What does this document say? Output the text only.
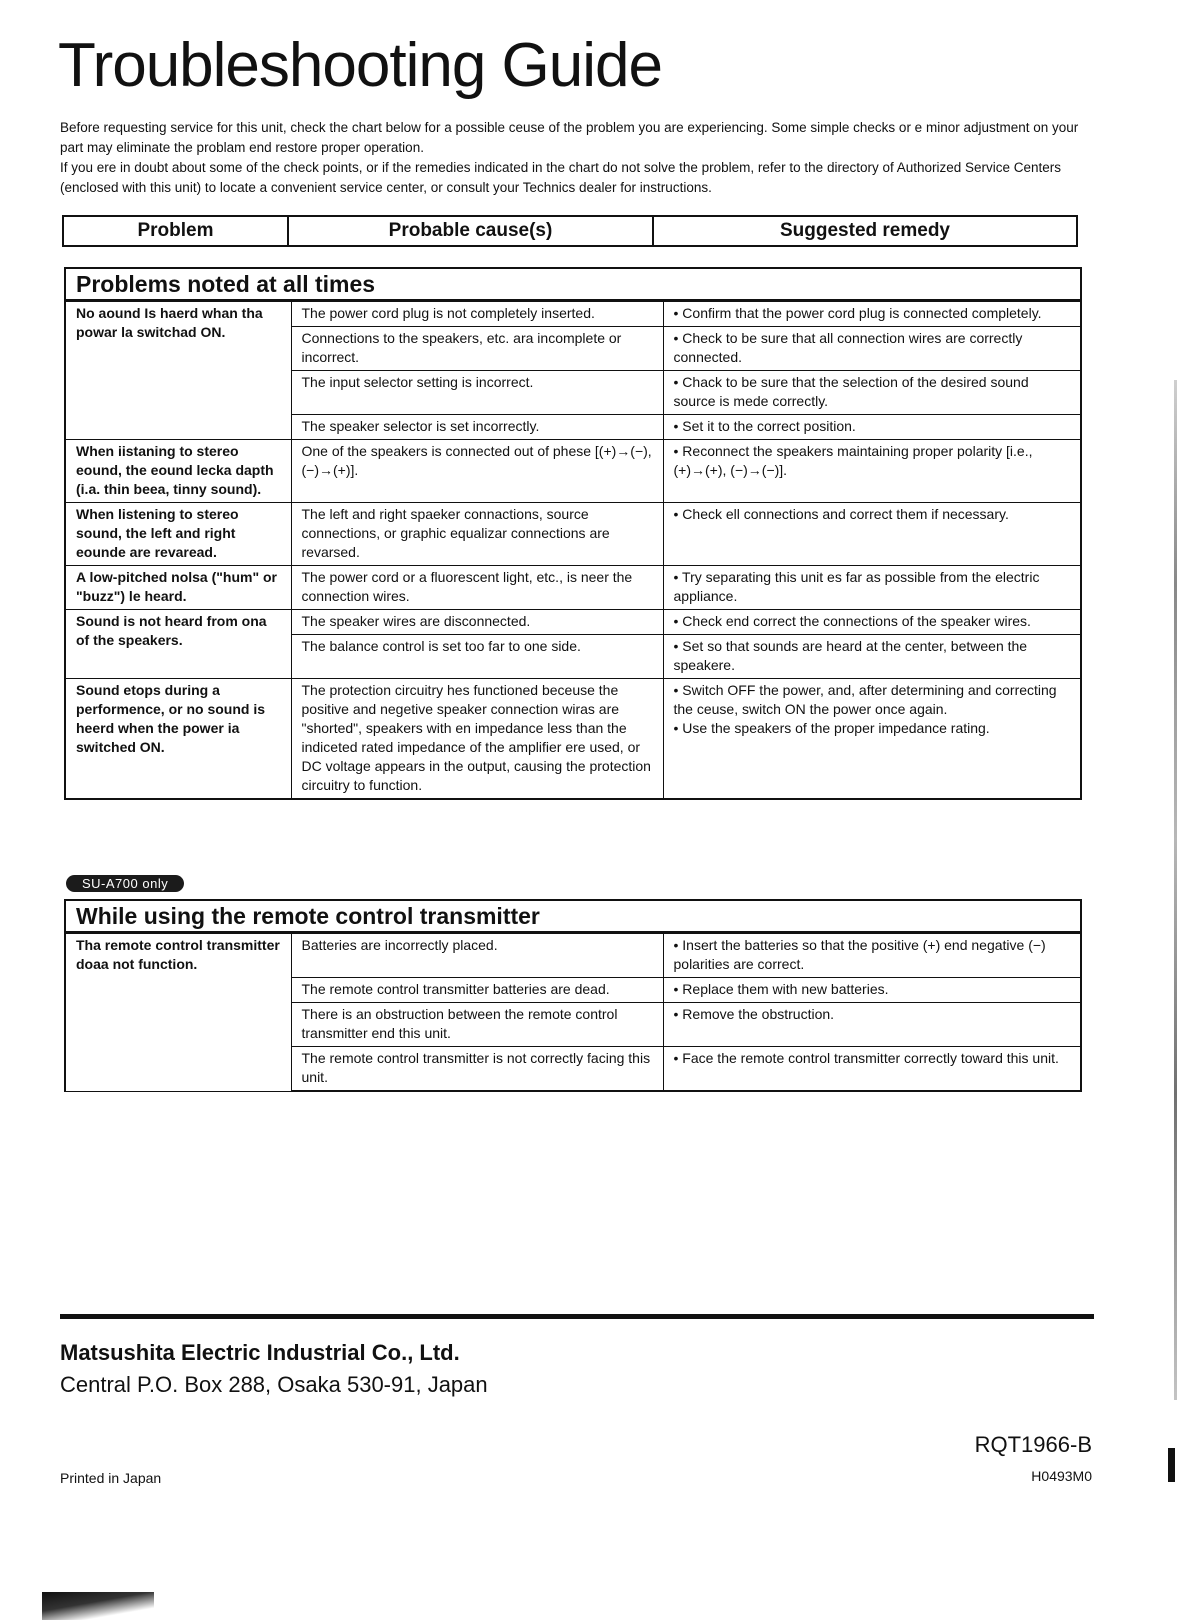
Troubleshooting Guide

Before requesting service for this unit, check the chart below for a possible ceuse of the problem you are experiencing. Some simple checks or e minor adjustment on your part may eliminate the problam end restore proper operation.

If you ere in doubt about some of the check points, or if the remedies indicated in the chart do not solve the problem, refer to the directory of Authorized Service Centers (enclosed with this unit) to locate a convenient service center, or consult your Technics dealer for instructions.

Problem	Probable cause(s)	Suggested remedy
Problems noted at all times
No aound Is haerd whan tha powar la switchad ON.	The power cord plug is not completely inserted.	• Confirm that the power cord plug is connected completely.

	Connections to the speakers, etc. ara incomplete or incorrect.	• Check to be sure that all connection wires are correctly connected.

	The input selector setting is incorrect.	• Chack to be sure that the selection of the desired sound source is mede correctly.

	The speaker selector is set incorrectly.	• Set it to the correct position.

When iistaning to stereo eound, the eound lecka dapth (i.a. thin beea, tinny sound).	One of the speakers is connected out of phese [(+)→(−), (−)→(+)].	• Reconnect the speakers maintaining proper polarity [i.e., (+)→(+), (−)→(−)].

When listening to stereo sound, the left and right eounde are revaread.	The left and right spaeker connactions, source connections, or graphic equalizar connections are revarsed.	• Check ell connections and correct them if necessary.

A low-pitched nolsa ("hum" or "buzz") le heard.	The power cord or a fluorescent light, etc., is neer the connection wires.	• Try separating this unit es far as possible from the electric appliance.

Sound is not heard from ona of the speakers.	The speaker wires are disconnected.	• Check end correct the connections of the speaker wires.

	The balance control is set too far to one side.	• Set so that sounds are heard at the center, between the speakere.

Sound etops during a performence, or no sound is heerd when the power ia switched ON.	The protection circuitry hes functioned beceuse the positive and negetive speaker connection wiras are "shorted", speakers with en impedance less than the indiceted rated impedance of the amplifier ere used, or DC voltage appears in the output, causing the protection circuitry to function.	• Switch OFF the power, and, after determining and correcting the ceuse, switch ON the power once again.
• Use the speakers of the proper impedance rating.
SU-A700 only
While using the remote control transmitter
Tha remote control transmitter doaa not function.	Batteries are incorrectly placed.	• Insert the batteries so that the positive (+) end negative (−) polarities are correct.

	The remote control transmitter batteries are dead.	• Replace them with new batteries.

	There is an obstruction between the remote control transmitter end this unit.	• Remove the obstruction.

	The remote control transmitter is not correctly facing this unit.	• Face the remote control transmitter correctly toward this unit.
Matsushita Electric Industrial Co., Ltd.
Central P.O. Box 288, Osaka 530-91, Japan
RQT1966-B
Printed in Japan	H0493M0
